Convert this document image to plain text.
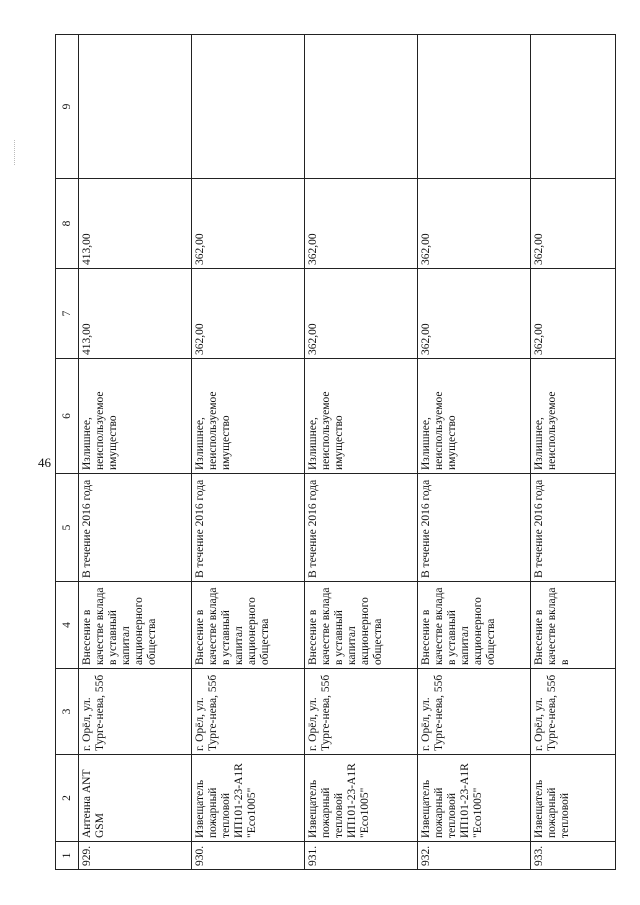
46
1	2	3	4	5	6	7	8	9
929.	Антенна ANT GSM	г. Орёл, ул. Турге-нева, 55б	Внесение в качестве вклада в уставный капитал акционерного общества	В течение 2016 года	Излишнее, неиспользуемое имущество	413,00	413,00	
930.	Извещатель пожарный тепловой ИП101-23-A1R "Eco1005"	г. Орёл, ул. Турге-нева, 55б	Внесение в качестве вклада в уставный капитал акционерного общества	В течение 2016 года	Излишнее, неиспользуемое имущество	362,00	362,00	
931.	Извещатель пожарный тепловой ИП101-23-A1R "Eco1005"	г. Орёл, ул. Турге-нева, 55б	Внесение в качестве вклада в уставный капитал акционерного общества	В течение 2016 года	Излишнее, неиспользуемое имущество	362,00	362,00	
932.	Извещатель пожарный тепловой ИП101-23-A1R "Eco1005"	г. Орёл, ул. Турге-нева, 55б	Внесение в качестве вклада в уставный капитал акционерного общества	В течение 2016 года	Излишнее, неиспользуемое имущество	362,00	362,00	
933.	Извещатель пожарный тепловой	г. Орёл, ул. Турге-нева, 55б	Внесение в качестве вклада в	В течение 2016 года	Излишнее, неиспользуемое	362,00	362,00	
